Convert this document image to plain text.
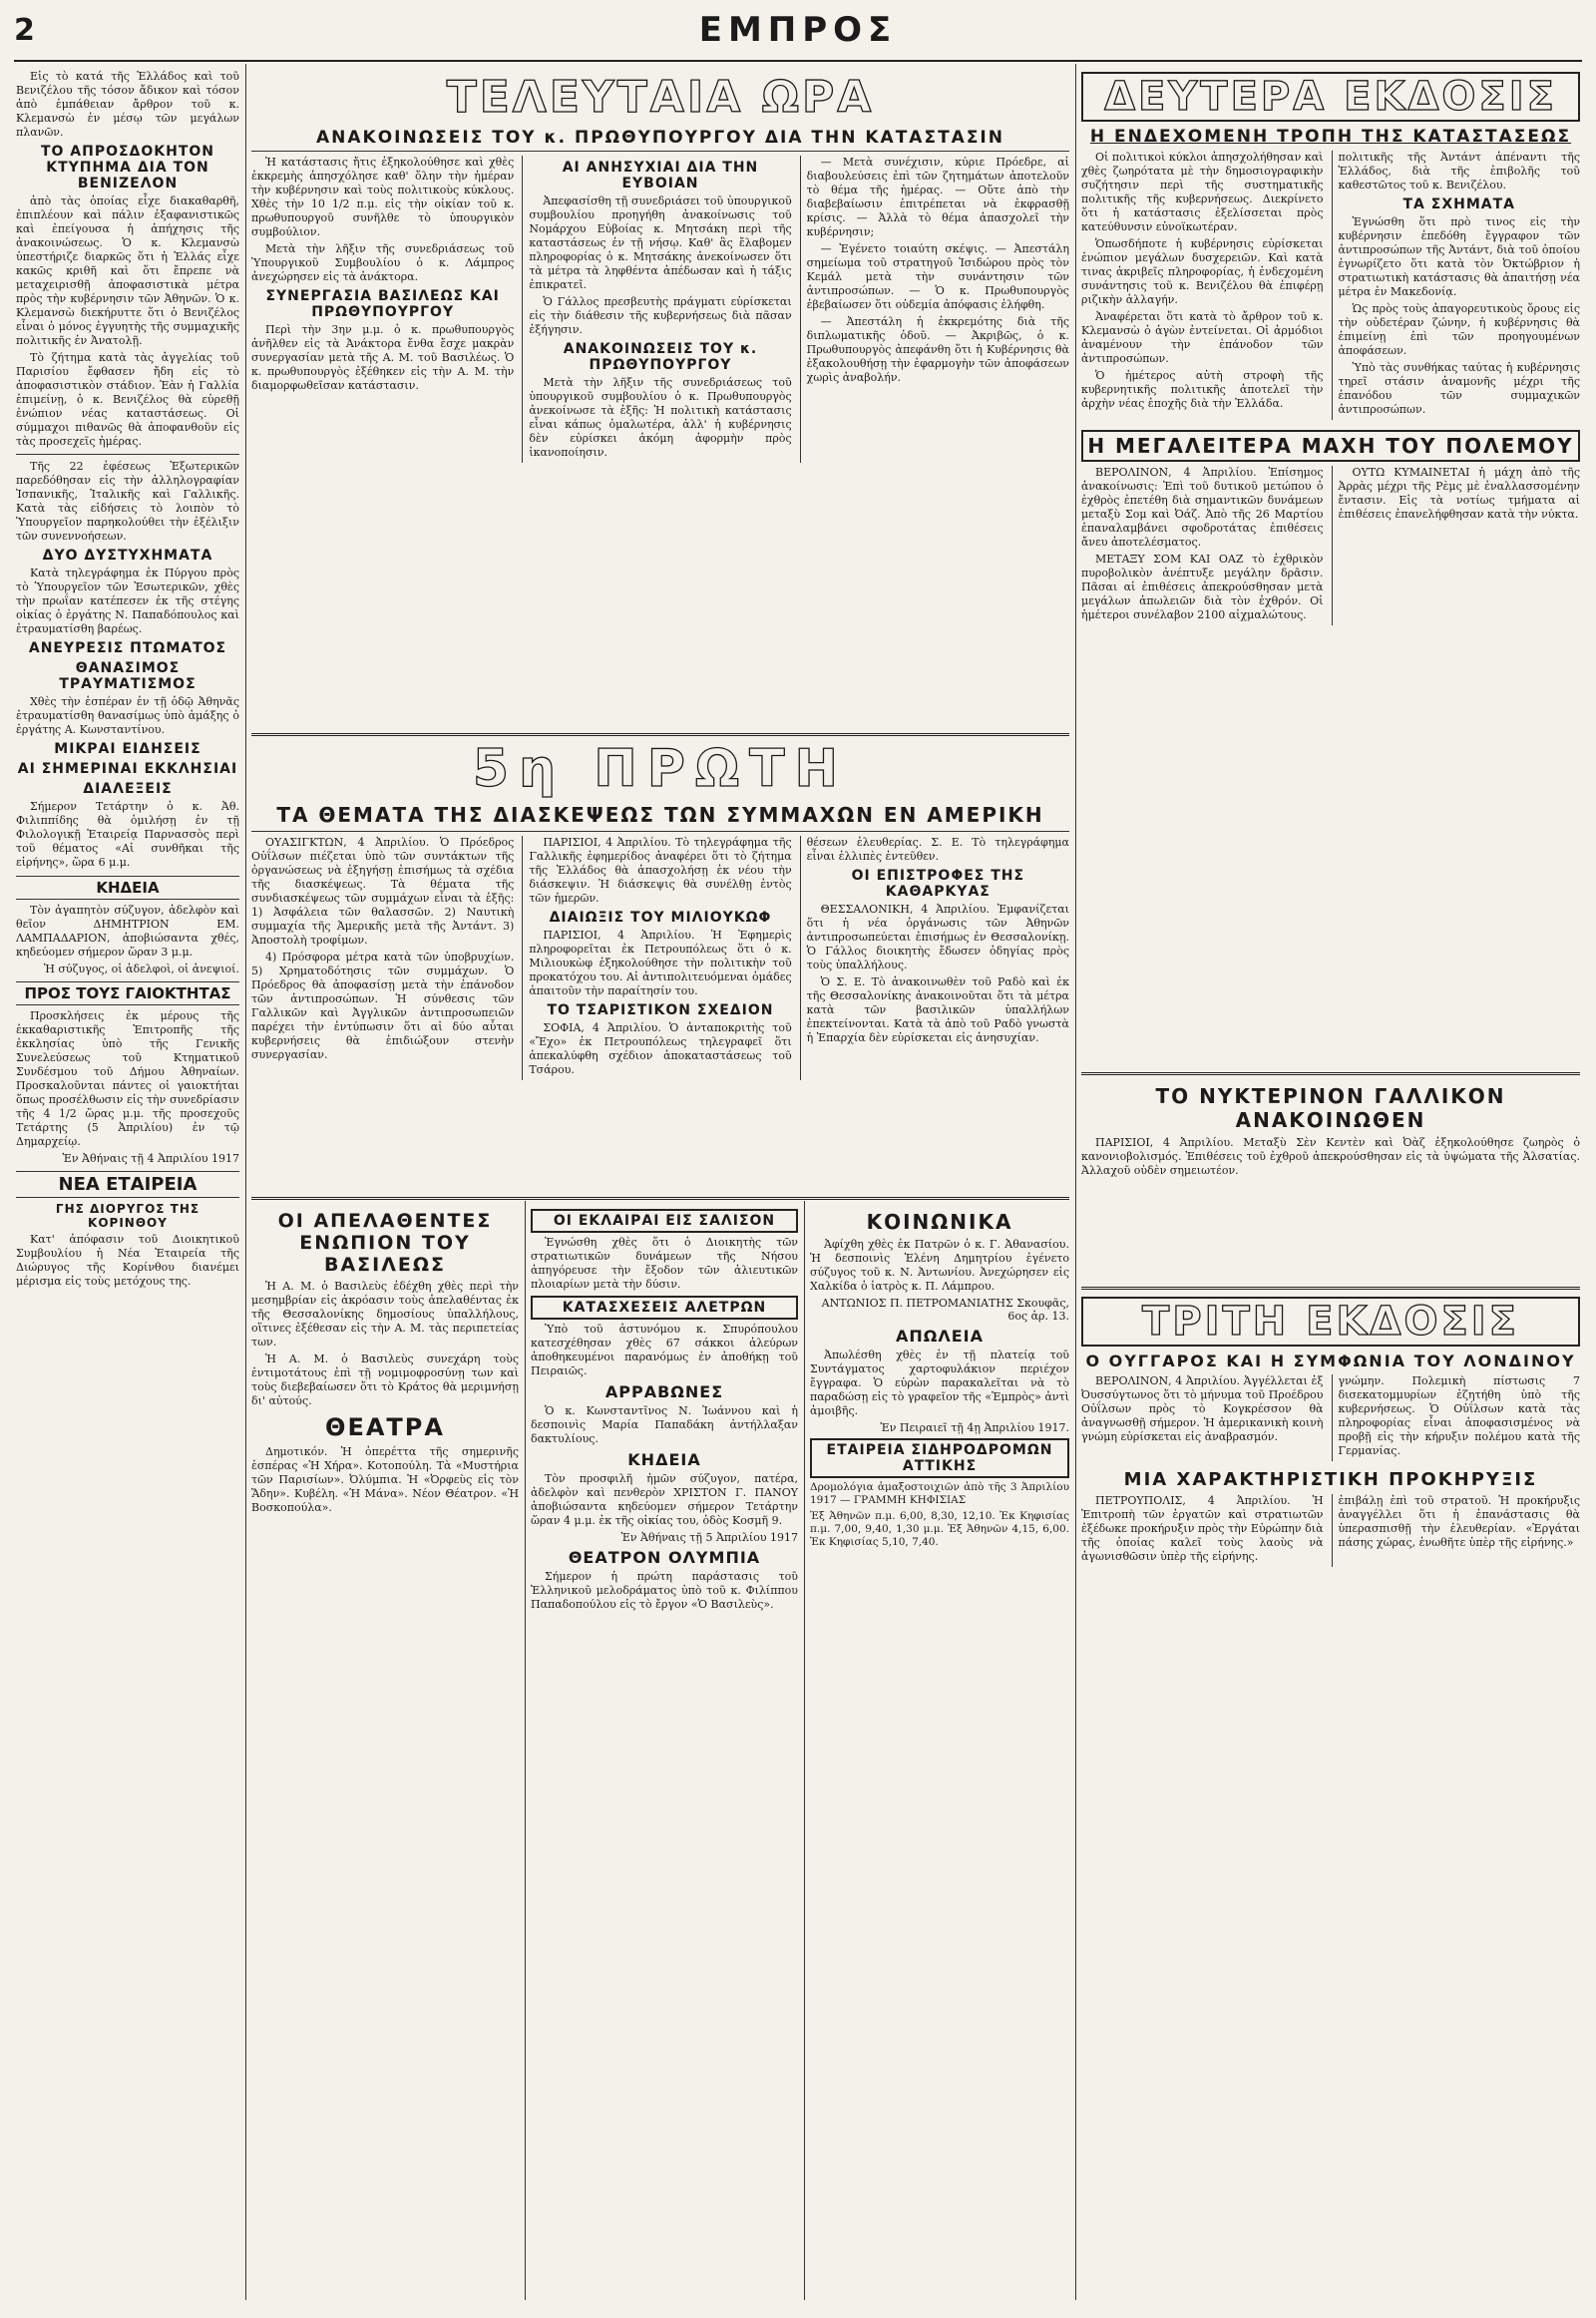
2	ΕΜΠΡΟΣ

Εἰς τὸ κατά τῆς Ἑλλάδος καὶ τοῦ Βενιζέλου τῆς τόσον ἄδικον καὶ τόσον ἀπὸ ἐμπάθειαν ἄρθρον τοῦ κ. Κλεμανσὼ ἐν μέσῳ τῶν μεγάλων πλανῶν.

ΤΟ ΑΠΡΟΣΔΟΚΗΤΟΝ ΚΤΥΠΗΜΑ ΔΙΑ ΤΟΝ ΒΕΝΙΖΕΛΟΝ

ἀπὸ τὰς ὁποίας εἶχε διακαθαρθῆ, ἐπιπλέουν καὶ πάλιν ἐξαφανιστικῶς καὶ ἐπείγουσα ἡ ἀπήχησις τῆς ἀνακοινώσεως. Ὁ κ. Κλεμανσὼ ὑπεστήριζε διαρκῶς ὅτι ἡ Ἑλλάς εἶχε κακῶς κριθῆ καὶ ὅτι ἔπρεπε νὰ μεταχειρισθῇ ἀποφασιστικὰ μέτρα πρὸς τὴν κυβέρνησιν τῶν Ἀθηνῶν. Ὁ κ. Κλεμανσὼ διεκήρυττε ὅτι ὁ Βενιζέλος εἶναι ὁ μόνος ἐγγυητὴς τῆς συμμαχικῆς πολιτικῆς ἐν Ἀνατολῇ.

Τὸ ζήτημα κατὰ τὰς ἀγγελίας τοῦ Παρισίου ἔφθασεν ἤδη εἰς τὸ ἀποφασιστικὸν στάδιον. Ἐὰν ἡ Γαλλία ἐπιμείνῃ, ὁ κ. Βενιζέλος θὰ εὑρεθῇ ἐνώπιον νέας καταστάσεως. Οἱ σύμμαχοι πιθανῶς θὰ ἀποφανθοῦν εἰς τὰς προσεχεῖς ἡμέρας.

Τῆς 22 ἐφέσεως Ἐξωτερικῶν παρεδόθησαν εἰς τὴν ἀλληλογραφίαν Ἰσπανικῆς, Ἰταλικῆς καὶ Γαλλικῆς. Κατὰ τὰς εἰδήσεις τὸ λοιπὸν τὸ Ὑπουργεῖον παρηκολούθει τὴν ἐξέλιξιν τῶν συνεννοήσεων.

ΔΥΟ ΔΥΣΤΥΧΗΜΑΤΑ

Κατὰ τηλεγράφημα ἐκ Πύργου πρὸς τὸ Ὑπουργεῖον τῶν Ἐσωτερικῶν, χθὲς τὴν πρωΐαν κατέπεσεν ἐκ τῆς στέγης οἰκίας ὁ ἐργάτης Ν. Παπαδόπουλος καὶ ἐτραυματίσθη βαρέως.

ΑΝΕΥΡΕΣΙΣ ΠΤΩΜΑΤΟΣ
ΘΑΝΑΣΙΜΟΣ ΤΡΑΥΜΑΤΙΣΜΟΣ

Χθὲς τὴν ἑσπέραν ἐν τῇ ὁδῷ Ἀθηνᾶς ἐτραυματίσθη θανασίμως ὑπὸ ἁμάξης ὁ ἐργάτης Α. Κωνσταντίνου.

ΜΙΚΡΑΙ ΕΙΔΗΣΕΙΣ
ΑΙ ΣΗΜΕΡΙΝΑΙ ΕΚΚΛΗΣΙΑΙ
ΔΙΑΛΕΞΕΙΣ

Σήμερον Τετάρτην ὁ κ. Ἀθ. Φιλιππίδης θὰ ὁμιλήσῃ ἐν τῇ Φιλολογικῇ Ἑταιρείᾳ Παρνασσὸς περὶ τοῦ θέματος «Αἱ συνθῆκαι τῆς εἰρήνης», ὥρα 6 μ.μ.

ΚΗΔΕΙΑ

Τὸν ἀγαπητὸν σύζυγον, ἀδελφὸν καὶ θεῖον ΔΗΜΗΤΡΙΟΝ ΕΜ. ΛΑΜΠΑΔΑΡΙΟΝ, ἀποβιώσαντα χθές, κηδεύομεν σήμερον ὥραν 3 μ.μ.

Ἡ σύζυγος, οἱ ἀδελφοὶ, οἱ ἀνεψιοί.
ΠΡΟΣ ΤΟΥΣ ΓΑΙΟΚΤΗΤΑΣ

Προσκλήσεις ἐκ μέρους τῆς ἐκκαθαριστικῆς Ἐπιτροπῆς τῆς ἐκκλησίας ὑπὸ τῆς Γενικῆς Συνελεύσεως τοῦ Κτηματικοῦ Συνδέσμου τοῦ Δήμου Ἀθηναίων. Προσκαλοῦνται πάντες οἱ γαιοκτήται ὅπως προσέλθωσιν εἰς τὴν συνεδρίασιν τῆς 4 1/2 ὥρας μ.μ. τῆς προσεχοῦς Τετάρτης (5 Ἀπριλίου) ἐν τῷ Δημαρχείῳ.

Ἐν Ἀθήναις τῇ 4 Ἀπριλίου 1917
ΝΕΑ ΕΤΑΙΡΕΙΑ
ΓΗΣ ΔΙΟΡΥΓΟΣ ΤΗΣ ΚΟΡΙΝΘΟΥ

Κατ' ἀπόφασιν τοῦ Διοικητικοῦ Συμβουλίου ἡ Νέα Ἑταιρεία τῆς Διώρυγος τῆς Κορίνθου διανέμει μέρισμα εἰς τοὺς μετόχους της.

ΤΕΛΕΥΤΑΙΑ ΩΡΑ
ΑΝΑΚΟΙΝΩΣΕΙΣ ΤΟΥ κ. ΠΡΩΘΥΠΟΥΡΓΟΥ ΔΙΑ ΤΗΝ ΚΑΤΑΣΤΑΣΙΝ

Ἡ κατάστασις ἤτις ἐξηκολούθησε καὶ χθὲς ἐκκρεμὴς ἀπησχόλησε καθ' ὅλην τὴν ἡμέραν τὴν κυβέρνησιν καὶ τοὺς πολιτικοὺς κύκλους. Χθὲς τὴν 10 1/2 π.μ. εἰς τὴν οἰκίαν τοῦ κ. πρωθυπουργοῦ συνῆλθε τὸ ὑπουργικὸν συμβούλιον.

Μετὰ τὴν λῆξιν τῆς συνεδριάσεως τοῦ Ὑπουργικοῦ Συμβουλίου ὁ κ. Λάμπρος ἀνεχώρησεν εἰς τὰ ἀνάκτορα.

ΣΥΝΕΡΓΑΣΙΑ ΒΑΣΙΛΕΩΣ ΚΑΙ ΠΡΩΘΥΠΟΥΡΓΟΥ

Περὶ τὴν 3ην μ.μ. ὁ κ. πρωθυπουργὸς ἀνῆλθεν εἰς τὰ Ἀνάκτορα ἔνθα ἔσχε μακρὰν συνεργασίαν μετὰ τῆς Α. Μ. τοῦ Βασιλέως. Ὁ κ. πρωθυπουργὸς ἐξέθηκεν εἰς τὴν Α. Μ. τὴν διαμορφωθεῖσαν κατάστασιν.

ΑΙ ΑΝΗΣΥΧΙΑΙ ΔΙΑ ΤΗΝ ΕΥΒΟΙΑΝ

Ἀπεφασίσθη τῇ συνεδριάσει τοῦ ὑπουργικοῦ συμβουλίου προηγήθη ἀνακοίνωσις τοῦ Νομάρχου Εὐβοίας κ. Μητσάκη περὶ τῆς καταστάσεως ἐν τῇ νήσῳ. Καθ' ἃς ἔλαβομεν πληροφορίας ὁ κ. Μητσάκης ἀνεκοίνωσεν ὅτι τὰ μέτρα τὰ ληφθέντα ἀπέδωσαν καὶ ἡ τάξις ἐπικρατεῖ.

Ὁ Γάλλος πρεσβευτὴς πράγματι εὑρίσκεται εἰς τὴν διάθεσιν τῆς κυβερνήσεως διὰ πᾶσαν ἐξήγησιν.

ΑΝΑΚΟΙΝΩΣΕΙΣ ΤΟΥ κ. ΠΡΩΘΥΠΟΥΡΓΟΥ

Μετὰ τὴν λῆξιν τῆς συνεδριάσεως τοῦ ὑπουργικοῦ συμβουλίου ὁ κ. Πρωθυπουργὸς ἀνεκοίνωσε τὰ ἑξῆς: Ἡ πολιτικὴ κατάστασις εἶναι κάπως ὁμαλωτέρα, ἀλλ' ἡ κυβέρνησις δὲν εὑρίσκει ἀκόμη ἀφορμὴν πρὸς ἱκανοποίησιν.

— Μετὰ συνέχισιν, κύριε Πρόεδρε, αἱ διαβουλεύσεις ἐπὶ τῶν ζητημάτων ἀποτελοῦν τὸ θέμα τῆς ἡμέρας. — Οὔτε ἀπὸ τὴν διαβεβαίωσιν ἐπιτρέπεται νὰ ἐκφρασθῇ κρίσις. — Ἀλλὰ τὸ θέμα ἀπασχολεῖ τὴν κυβέρνησιν;

— Ἐγένετο τοιαύτη σκέψις. — Ἀπεστάλη σημείωμα τοῦ στρατηγοῦ Ἰσιδώρου πρὸς τὸν Κεμάλ μετὰ τὴν συνάντησιν τῶν ἀντιπροσώπων. — Ὁ κ. Πρωθυπουργὸς ἐβεβαίωσεν ὅτι οὐδεμία ἀπόφασις ἐλήφθη.

— Ἀπεστάλη ἡ ἐκκρεμότης διὰ τῆς διπλωματικῆς ὁδοῦ. — Ἀκριβῶς, ὁ κ. Πρωθυπουργὸς ἀπεφάνθη ὅτι ἡ Κυβέρνησις θὰ ἐξακολουθήσῃ τὴν ἐφαρμογὴν τῶν ἀποφάσεων χωρὶς ἀναβολήν.

ΔΕΥΤΕΡΑ ΕΚΔΟΣΙΣ
Η ΕΝΔΕΧΟΜΕΝΗ ΤΡΟΠΗ ΤΗΣ ΚΑΤΑΣΤΑΣΕΩΣ

Οἱ πολιτικοὶ κύκλοι ἀπησχολήθησαν καὶ χθὲς ζωηρότατα μὲ τὴν δημοσιογραφικὴν συζήτησιν περὶ τῆς συστηματικῆς πολιτικῆς τῆς κυβερνήσεως. Διεκρίνετο ὅτι ἡ κατάστασις ἐξελίσσεται πρὸς κατεύθυνσιν εὐνοϊκωτέραν.

Ὁπωσδήποτε ἡ κυβέρνησις εὑρίσκεται ἐνώπιον μεγάλων δυσχερειῶν. Καὶ κατὰ τινας ἀκριβεῖς πληροφορίας, ἡ ἐνδεχομένη συνάντησις τοῦ κ. Βενιζέλου θὰ ἐπιφέρῃ ριζικὴν ἀλλαγήν.

Ἀναφέρεται ὅτι κατὰ τὸ ἄρθρον τοῦ κ. Κλεμανσὼ ὁ ἀγὼν ἐντείνεται. Οἱ ἀρμόδιοι ἀναμένουν τὴν ἐπάνοδον τῶν ἀντιπροσώπων.

Ὁ ἡμέτερος αὐτὴ στροφὴ τῆς κυβερνητικῆς πολιτικῆς ἀποτελεῖ τὴν ἀρχὴν νέας ἐποχῆς διὰ τὴν Ἑλλάδα.

πολιτικῆς τῆς Ἀντάντ ἀπέναντι τῆς Ἑλλάδος, διὰ τῆς ἐπιβολῆς τοῦ καθεστῶτος τοῦ κ. Βενιζέλου.

ΤΑ ΣΧΗΜΑΤΑ

Ἐγνώσθη ὅτι πρὸ τινος εἰς τὴν κυβέρνησιν ἐπεδόθη ἔγγραφον τῶν ἀντιπροσώπων τῆς Ἀντάντ, διὰ τοῦ ὁποίου ἐγνωρίζετο ὅτι κατὰ τὸν Ὀκτώβριον ἡ στρατιωτικὴ κατάστασις θὰ ἀπαιτήσῃ νέα μέτρα ἐν Μακεδονίᾳ.

Ὡς πρὸς τοὺς ἀπαγορευτικοὺς ὅρους εἰς τὴν οὐδετέραν ζώνην, ἡ κυβέρνησις θὰ ἐπιμείνῃ ἐπὶ τῶν προηγουμένων ἀποφάσεων.

Ὑπὸ τὰς συνθήκας ταύτας ἡ κυβέρνησις τηρεῖ στάσιν ἀναμονῆς μέχρι τῆς ἐπανόδου τῶν συμμαχικῶν ἀντιπροσώπων.

Η ΜΕΓΑΛΕΙΤΕΡΑ ΜΑΧΗ ΤΟΥ ΠΟΛΕΜΟΥ

ΒΕΡΟΛΙΝΟΝ, 4 Ἀπριλίου. Ἐπίσημος ἀνακοίνωσις: Ἐπὶ τοῦ δυτικοῦ μετώπου ὁ ἐχθρὸς ἐπετέθη διὰ σημαντικῶν δυνάμεων μεταξὺ Σομ καὶ Ὀάζ. Ἀπὸ τῆς 26 Μαρτίου ἐπαναλαμβάνει σφοδροτάτας ἐπιθέσεις ἄνευ ἀποτελέσματος.

ΜΕΤΑΞΥ ΣΟΜ ΚΑΙ ΟΑΖ τὸ ἐχθρικὸν πυροβολικὸν ἀνέπτυξε μεγάλην δρᾶσιν. Πᾶσαι αἱ ἐπιθέσεις ἀπεκρούσθησαν μετὰ μεγάλων ἀπωλειῶν διὰ τὸν ἐχθρόν. Οἱ ἡμέτεροι συνέλαβον 2100 αἰχμαλώτους.

ΟΥΤΩ ΚΥΜΑΙΝΕΤΑΙ ἡ μάχη ἀπὸ τῆς Ἀρρὰς μέχρι τῆς Ρὲμς μὲ ἐναλλασσομένην ἔντασιν. Εἰς τὰ νοτίως τμήματα αἱ ἐπιθέσεις ἐπανελήφθησαν κατὰ τὴν νύκτα.

5η ΠΡΩΤΗ
ΤΑ ΘΕΜΑΤΑ ΤΗΣ ΔΙΑΣΚΕΨΕΩΣ ΤΩΝ ΣΥΜΜΑΧΩΝ ΕΝ ΑΜΕΡΙΚΗ

ΟΥΑΣΙΓΚΤΩΝ, 4 Ἀπριλίου. Ὁ Πρόεδρος Οὐΐλσων πιέζεται ὑπὸ τῶν συντάκτων τῆς ὀργανώσεως νὰ ἐξηγήσῃ ἐπισήμως τὰ σχέδια τῆς διασκέψεως. Τὰ θέματα τῆς συνδιασκέψεως τῶν συμμάχων εἶναι τὰ ἑξῆς: 1) Ἀσφάλεια τῶν θαλασσῶν. 2) Ναυτικὴ συμμαχία τῆς Ἀμερικῆς μετὰ τῆς Ἀντάντ. 3) Ἀποστολὴ τροφίμων.

4) Πρόσφορα μέτρα κατὰ τῶν ὑποβρυχίων. 5) Χρηματοδότησις τῶν συμμάχων. Ὁ Πρόεδρος θὰ ἀποφασίσῃ μετὰ τὴν ἐπάνοδον τῶν ἀντιπροσώπων. Ἡ σύνθεσις τῶν Γαλλικῶν καὶ Ἀγγλικῶν ἀντιπροσωπειῶν παρέχει τὴν ἐντύπωσιν ὅτι αἱ δύο αὗται κυβερνήσεις θὰ ἐπιδιώξουν στενὴν συνεργασίαν.

ΠΑΡΙΣΙΟΙ, 4 Ἀπριλίου. Τὸ τηλεγράφημα τῆς Γαλλικῆς ἐφημερίδος ἀναφέρει ὅτι τὸ ζήτημα τῆς Ἑλλάδος θὰ ἀπασχολήσῃ ἐκ νέου τὴν διάσκεψιν. Ἡ διάσκεψις θὰ συνέλθῃ ἐντὸς τῶν ἡμερῶν.

ΔΙΑΙΩΞΙΣ ΤΟΥ ΜΙΛΙΟΥΚΩΦ

ΠΑΡΙΣΙΟΙ, 4 Ἀπριλίου. Ἡ Ἐφημερὶς πληροφορεῖται ἐκ Πετρουπόλεως ὅτι ὁ κ. Μιλιουκὼφ ἐξηκολούθησε τὴν πολιτικὴν τοῦ προκατόχου του. Αἱ ἀντιπολιτευόμεναι ὁμάδες ἀπαιτοῦν τὴν παραίτησίν του.

ΤΟ ΤΣΑΡΙΣΤΙΚΟΝ ΣΧΕΔΙΟΝ

ΣΟΦΙΑ, 4 Ἀπριλίου. Ὁ ἀνταποκριτὴς τοῦ «Ἔχο» ἐκ Πετρουπόλεως τηλεγραφεῖ ὅτι ἀπεκαλύφθη σχέδιον ἀποκαταστάσεως τοῦ Τσάρου.

θέσεων ἐλευθερίας. Σ. Ε. Τὸ τηλεγράφημα εἶναι ἐλλιπὲς ἐντεῦθεν.

ΟΙ ΕΠΙΣΤΡΟΦΕΣ ΤΗΣ ΚΑΘΑΡΚΥΑΣ

ΘΕΣΣΑΛΟΝΙΚΗ, 4 Ἀπριλίου. Ἐμφανίζεται ὅτι ἡ νέα ὀργάνωσις τῶν Ἀθηνῶν ἀντιπροσωπεύεται ἐπισήμως ἐν Θεσσαλονίκῃ. Ὁ Γάλλος διοικητὴς ἔδωσεν ὁδηγίας πρὸς τοὺς ὑπαλλήλους.

Ὁ Σ. Ε. Τὸ ἀνακοινωθὲν τοῦ Ραδὸ καὶ ἐκ τῆς Θεσσαλονίκης ἀνακοινοῦται ὅτι τὰ μέτρα κατὰ τῶν βασιλικῶν ὑπαλλήλων ἐπεκτείνονται. Κατὰ τὰ ἀπὸ τοῦ Ραδὸ γνωστὰ ἡ Ἐπαρχία δὲν εὑρίσκεται εἰς ἀνησυχίαν.

ΤΟ ΝΥΚΤΕΡΙΝΟΝ ΓΑΛΛΙΚΟΝ ΑΝΑΚΟΙΝΩΘΕΝ

ΠΑΡΙΣΙΟΙ, 4 Ἀπριλίου. Μεταξὺ Σὲν Κεντὲν καὶ Ὀὰζ ἐξηκολούθησε ζωηρὸς ὁ κανονιοβολισμός. Ἐπιθέσεις τοῦ ἐχθροῦ ἀπεκρούσθησαν εἰς τὰ ὑψώματα τῆς Ἀλσατίας. Ἀλλαχοῦ οὐδὲν σημειωτέον.

ΤΡΙΤΗ ΕΚΔΟΣΙΣ
Ο ΟΥΓΓΑΡΟΣ ΚΑΙ Η ΣΥΜΦΩΝΙΑ ΤΟΥ ΛΟΝΔΙΝΟΥ

ΒΕΡΟΛΙΝΟΝ, 4 Ἀπριλίου. Ἀγγέλλεται ἐξ Ὀυσσύγτωνος ὅτι τὸ μήνυμα τοῦ Προέδρου Οὐΐλσων πρὸς τὸ Κογκρέσσον θὰ ἀναγνωσθῇ σήμερον. Ἡ ἀμερικανικὴ κοινὴ γνώμη εὑρίσκεται εἰς ἀναβρασμόν.

γνώμην. Πολεμικὴ πίστωσις 7 δισεκατομμυρίων ἐζητήθη ὑπὸ τῆς κυβερνήσεως. Ὁ Οὐΐλσων κατὰ τὰς πληροφορίας εἶναι ἀποφασισμένος νὰ προβῇ εἰς τὴν κήρυξιν πολέμου κατὰ τῆς Γερμανίας.

ΜΙΑ ΧΑΡΑΚΤΗΡΙΣΤΙΚΗ ΠΡΟΚΗΡΥΞΙΣ

ΠΕΤΡΟΥΠΟΛΙΣ, 4 Ἀπριλίου. Ἡ Ἐπιτροπὴ τῶν ἐργατῶν καὶ στρατιωτῶν ἐξέδωκε προκήρυξιν πρὸς τὴν Εὐρώπην διὰ τῆς ὁποίας καλεῖ τοὺς λαοὺς νὰ ἀγωνισθῶσιν ὑπὲρ τῆς εἰρήνης.

ἐπιβάλῃ ἐπὶ τοῦ στρατοῦ. Ἡ προκήρυξις ἀναγγέλλει ὅτι ἡ ἐπανάστασις θὰ ὑπερασπισθῇ τὴν ἐλευθερίαν. «Ἐργάται πάσης χώρας, ἑνωθῆτε ὑπὲρ τῆς εἰρήνης.»

ΟΙ ΑΠΕΛΑΘΕΝΤΕΣ ΕΝΩΠΙΟΝ ΤΟΥ ΒΑΣΙΛΕΩΣ

Ἡ Α. Μ. ὁ Βασιλεὺς ἐδέχθη χθὲς περὶ τὴν μεσημβρίαν εἰς ἀκρόασιν τοὺς ἀπελαθέντας ἐκ τῆς Θεσσαλονίκης δημοσίους ὑπαλλήλους, οἵτινες ἐξέθεσαν εἰς τὴν Α. Μ. τὰς περιπετείας των.

Ἡ Α. Μ. ὁ Βασιλεὺς συνεχάρη τοὺς ἐντιμοτάτους ἐπὶ τῇ νομιμοφροσύνῃ των καὶ τοὺς διεβεβαίωσεν ὅτι τὸ Κράτος θὰ μεριμνήσῃ δι' αὐτούς.

ΘΕΑΤΡΑ

Δημοτικόν. Ἡ ὀπερέττα τῆς σημερινῆς ἑσπέρας «Ἡ Χήρα». Κοτοπούλη. Τὰ «Μυστήρια τῶν Παρισίων». Ὀλύμπια. Ἡ «Ὀρφεὺς εἰς τὸν Ἅδην». Κυβέλη. «Ἡ Μάνα». Νέον Θέατρον. «Ἡ Βοσκοπούλα».

ΟΙ ΕΚΛΑΙΡΑΙ ΕΙΣ ΣΑΛΙΣΟΝ

Ἐγνώσθη χθὲς ὅτι ὁ Διοικητὴς τῶν στρατιωτικῶν δυνάμεων τῆς Νήσου ἀπηγόρευσε τὴν ἔξοδον τῶν ἁλιευτικῶν πλοιαρίων μετὰ τὴν δύσιν.

ΚΑΤΑΣΧΕΣΕΙΣ ΑΛΕΤΡΩΝ

Ὑπὸ τοῦ ἀστυνόμου κ. Σπυρόπουλου κατεσχέθησαν χθὲς 67 σάκκοι ἀλεύρων ἀποθηκευμένοι παρανόμως ἐν ἀποθήκῃ τοῦ Πειραιῶς.

ΑΡΡΑΒΩΝΕΣ

Ὁ κ. Κωνσταντῖνος Ν. Ἰωάννου καὶ ἡ δεσποινὶς Μαρία Παπαδάκη ἀντήλλαξαν δακτυλίους.

ΚΗΔΕΙΑ

Τὸν προσφιλῆ ἡμῶν σύζυγον, πατέρα, ἀδελφὸν καὶ πενθερὸν ΧΡΙΣΤΟΝ Γ. ΠΑΝΟΥ ἀποβιώσαντα κηδεύομεν σήμερον Τετάρτην ὥραν 4 μ.μ. ἐκ τῆς οἰκίας του, ὁδὸς Κοσμῆ 9.

Ἐν Ἀθήναις τῇ 5 Ἀπριλίου 1917
ΘΕΑΤΡΟΝ ΟΛΥΜΠΙΑ

Σήμερον ἡ πρώτη παράστασις τοῦ Ἑλληνικοῦ μελοδράματος ὑπὸ τοῦ κ. Φιλίππου Παπαδοπούλου εἰς τὸ ἔργον «Ὁ Βασιλεὺς».

ΚΟΙΝΩΝΙΚΑ

Ἀφίχθη χθὲς ἐκ Πατρῶν ὁ κ. Γ. Ἀθανασίου. Ἡ δεσποινὶς Ἑλένη Δημητρίου ἐγένετο σύζυγος τοῦ κ. Ν. Ἀντωνίου. Ἀνεχώρησεν εἰς Χαλκίδα ὁ ἰατρὸς κ. Π. Λάμπρου.

ΑΝΤΩΝΙΟΣ Π. ΠΕΤΡΟΜΑΝΙΑΤΗΣ Σκουφᾶς, 6ος ἀρ. 13.
ΑΠΩΛΕΙΑ

Ἀπωλέσθη χθὲς ἐν τῇ πλατείᾳ τοῦ Συντάγματος χαρτοφυλάκιον περιέχον ἔγγραφα. Ὁ εὑρὼν παρακαλεῖται νὰ τὸ παραδώσῃ εἰς τὸ γραφεῖον τῆς «Ἐμπρὸς» ἀντὶ ἀμοιβῆς.

Ἐν Πειραιεῖ τῇ 4ῃ Ἀπριλίου 1917.
ΕΤΑΙΡΕΙΑ ΣΙΔΗΡΟΔΡΟΜΩΝ ΑΤΤΙΚΗΣ

Δρομολόγια ἁμαξοστοιχιῶν ἀπὸ τῆς 3 Ἀπριλίου 1917 — ΓΡΑΜΜΗ ΚΗΦΙΣΙΑΣ

Ἐξ Ἀθηνῶν π.μ. 6,00, 8,30, 12,10. Ἐκ Κηφισίας π.μ. 7,00, 9,40, 1,30 μ.μ. Ἐξ Ἀθηνῶν 4,15, 6,00. Ἐκ Κηφισίας 5,10, 7,40.
